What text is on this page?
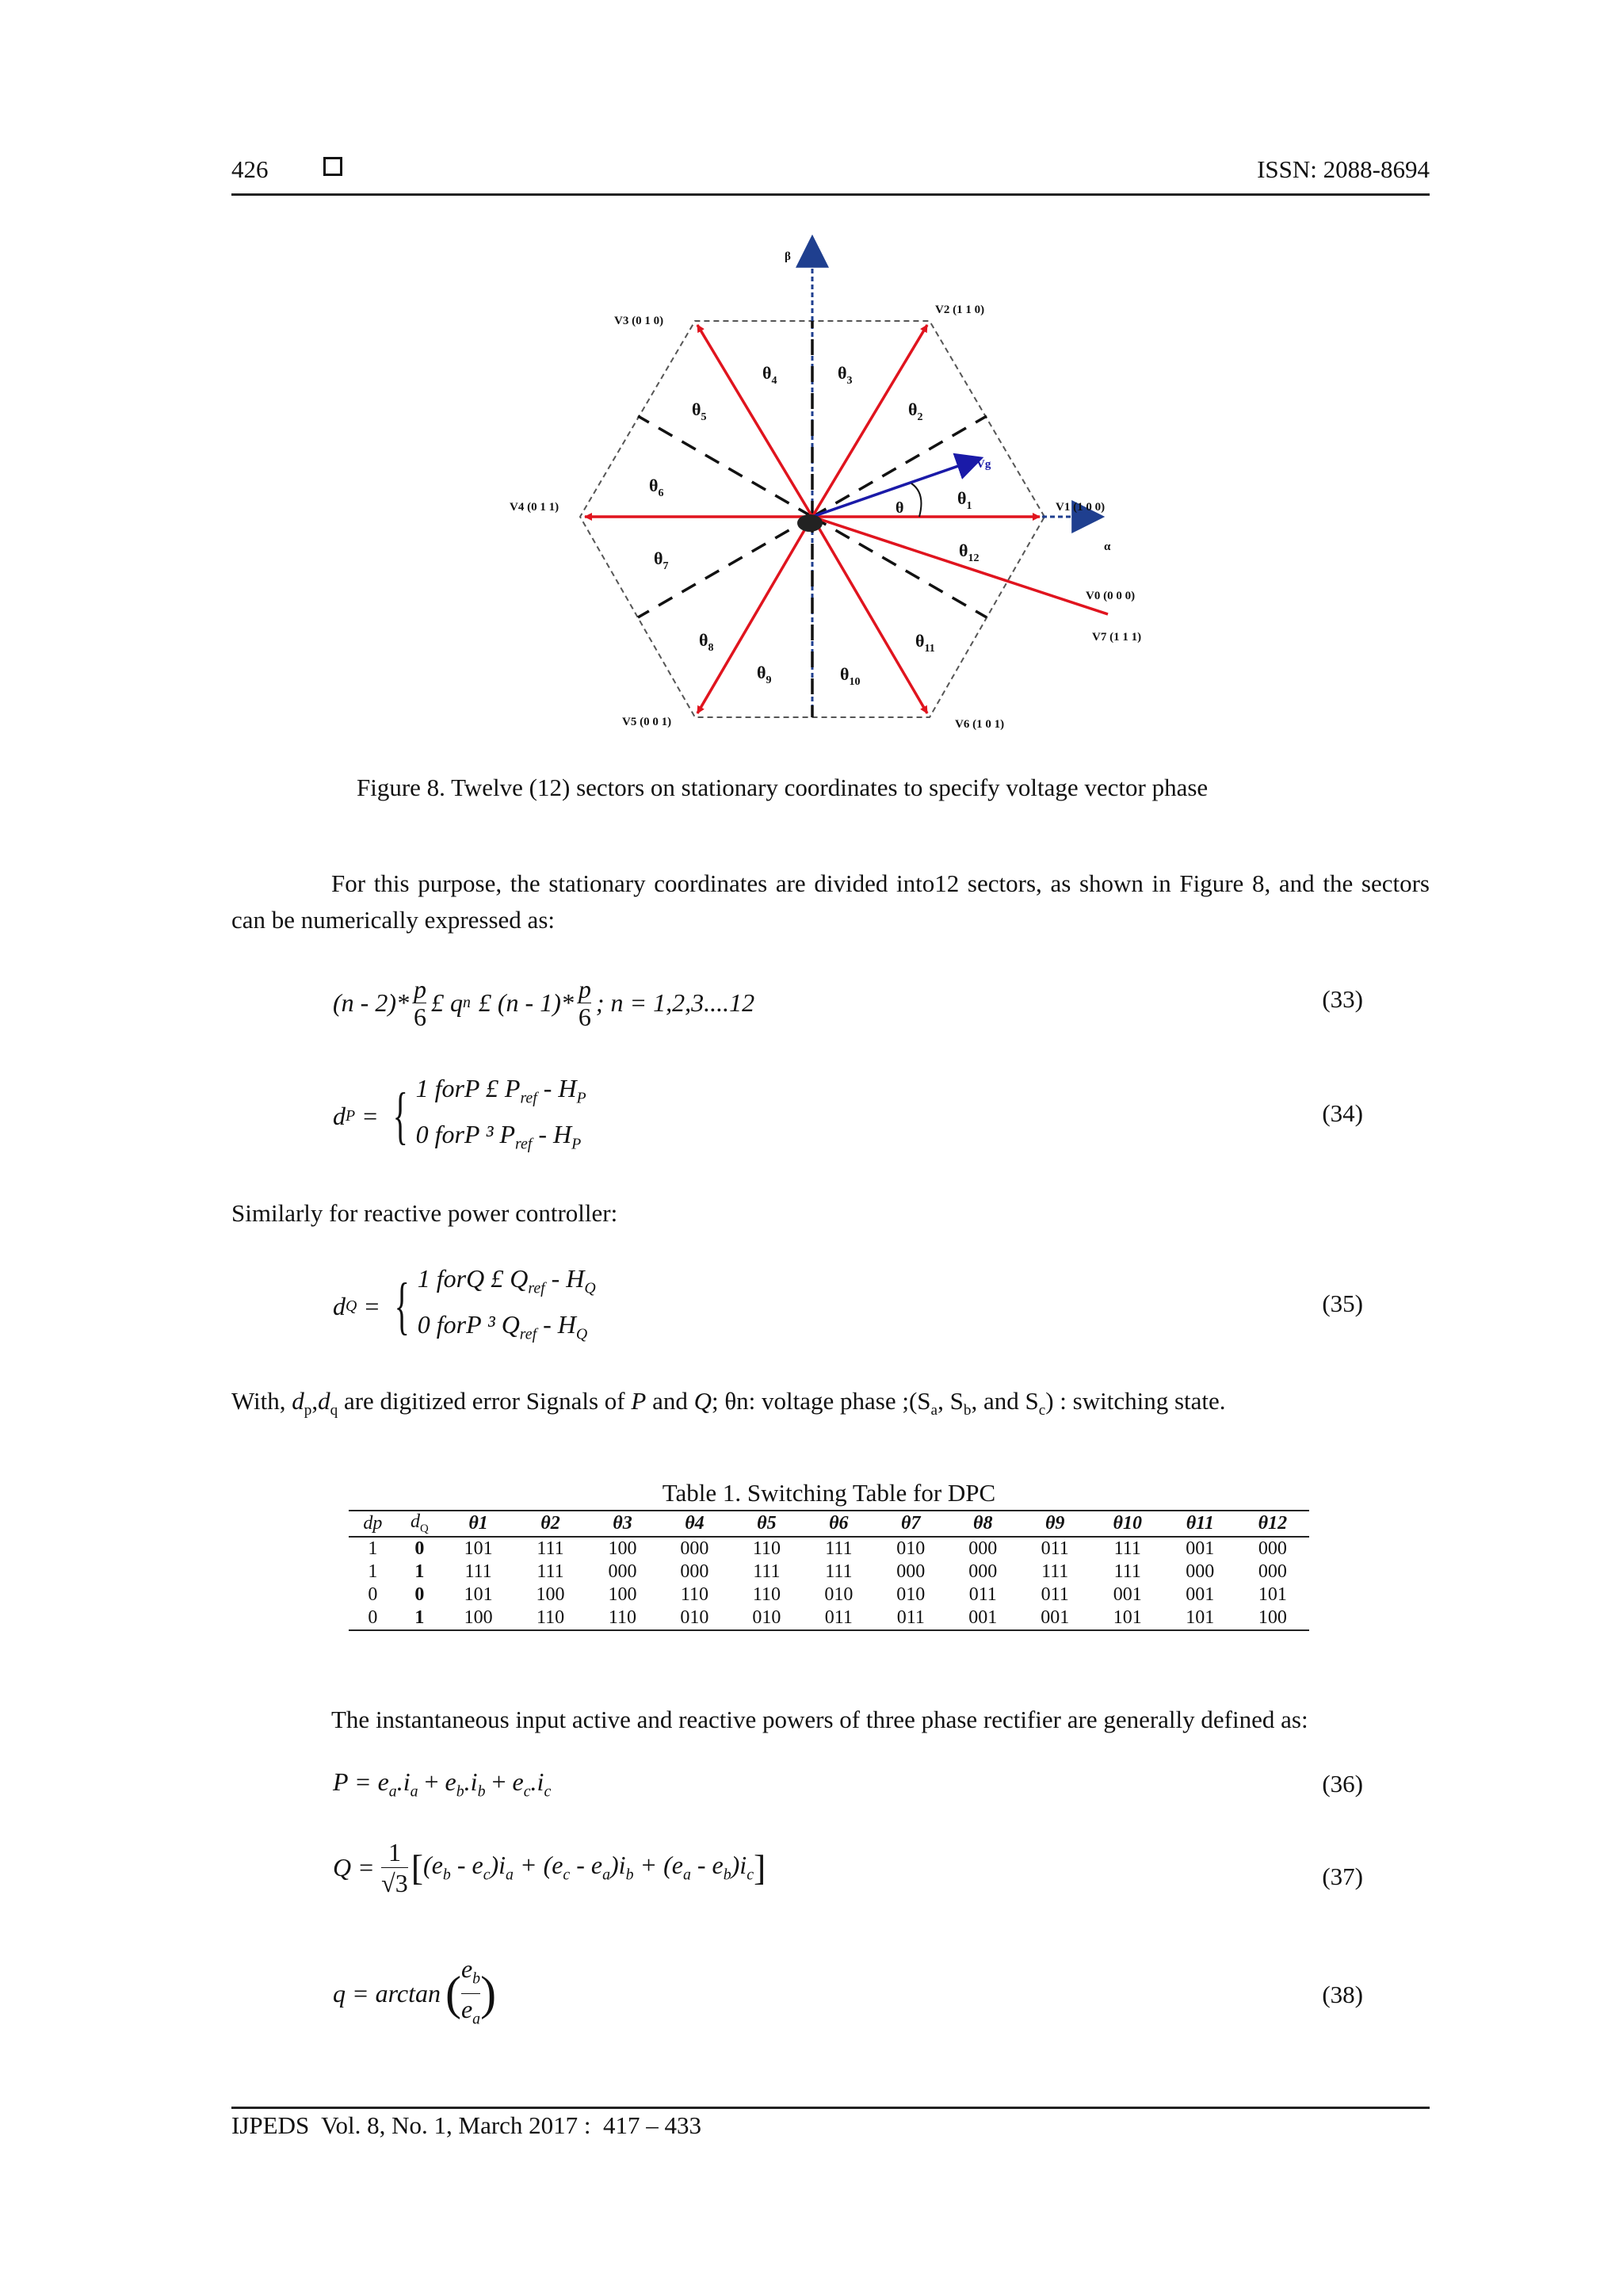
426	ISSN: 2088-8694
β
α
V1 (1 0 0)
V2 (1 1 0)
V3 (0 1 0)
V4 (0 1 1)
V5 (0 0 1)	V6 (1 0 1)
V0 (0 0 0)
V7 (1 1 1)
Vg
θ	$\theta_1$
$\theta_2$
$\theta_3$
$\theta_4$
$\theta_5$
$\theta_6$
$\theta_7$
$\theta_8$
$\theta_9$	$\theta_{10}$
$\theta_{11}$
$\theta_{12}$
Figure 8. Twelve (12) sectors on stationary coordinates to specify voltage vector phase
For this purpose, the stationary coordinates are divided into12 sectors, as shown in Figure 8, and the sectors can be numerically expressed as:
(n - 2)* p
6 £ q n £ (n - 1)* p
6 ; n = 1,2,3....12	(33)
d P = { 1 forP £ $P_{ref} - H_P$
0 forP ³ $P_{ref} - H_P$
(34)
Similarly for reactive power controller:
d Q = { 1 forQ £ $Q_{ref} - H_Q$
0 forP ³ $Q_{ref} - H_Q$
(35)
With, $d_p,d_q$ are digitized error Signals of P and Q; θn: voltage phase $;(S_a$, $S_b$, and $S_c$) : switching state.
Table 1. Switching Table for DPC
dp	$d_Q$	θ1	θ2	θ3	θ4	θ5	θ6	θ7	θ8	θ9	θ10	θ11	θ12
1	0	101	111	100	000	110	111	010	000	011	111	001	000
1	1	111	111	000	000	111	111	000	000	111	111	000	000
0	0	101	100	100	110	110	010	010	011	011	001	001	101
0	1	100	110	110	010	010	011	011	001	001	101	101	100
The instantaneous input active and reactive powers of three phase rectifier are generally defined as:
$P = e_a.i_a + e_b.i_b + e_c.i_c$	(36)
$Q = \frac{1}{√3}$ [ $(e_b - e_c)i_a + (e_c - e_a)i_b + (e_a - e_b)i_c$ ]	(37)
q = arctan ( $e_b$
$e_a$ )	(38)
IJPEDS  Vol. 8, No. 1, March 2017 :  417 – 433
